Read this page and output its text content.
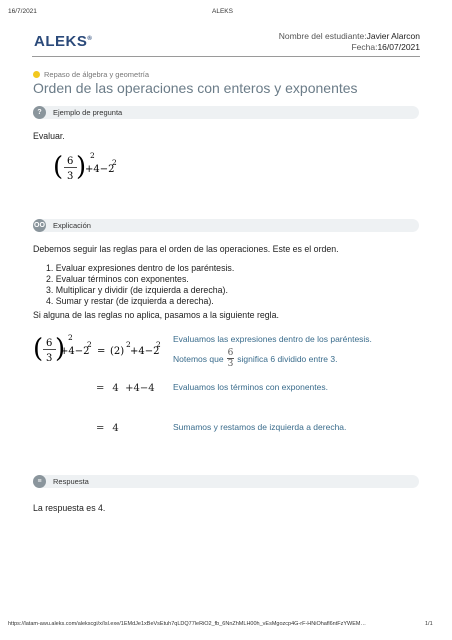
16/7/2021	ALEKS
ALEKS®	Nombre del estudiante:Javier Alarcon
Fecha:16/07/2021
Repaso de álgebra y geometría
Orden de las operaciones con enteros y exponentes
?	Ejemplo de pregunta
Evaluar.
( 6
3 ) 2
+4−2
2
OO Explicación
Debemos seguir las reglas para el orden de las operaciones. Este es el orden.
1. Evaluar expresiones dentro de los paréntesis.
2. Evaluar términos con exponentes.
3. Multiplicar y dividir (de izquierda a derecha).
4. Sumar y restar (de izquierda a derecha).
Si alguna de las reglas no aplica, pasamos a la siguiente regla.
( 6
3 ) 2
+4−2
2
= (2)
2
+4−2
2
Evaluamos las expresiones dentro de los paréntesis.
Notemos que $\frac{6}{3}$ significa 6 dividido entre 3.
= 4  +4−4 Evaluamos los términos con exponentes.
= 4	Sumamos y restamos de izquierda a derecha.
≡	Respuesta
La respuesta es 4.
https://latam-awu.aleks.com/alekscgi/x/Isl.exe/1EMdJe1xBeVsEtuh7qLDQ77leRiO2_fb_6NnZhMLH00h_vEsMgozcp4G-rF-HNiOhafl6ntFzYWEM…	1/1
